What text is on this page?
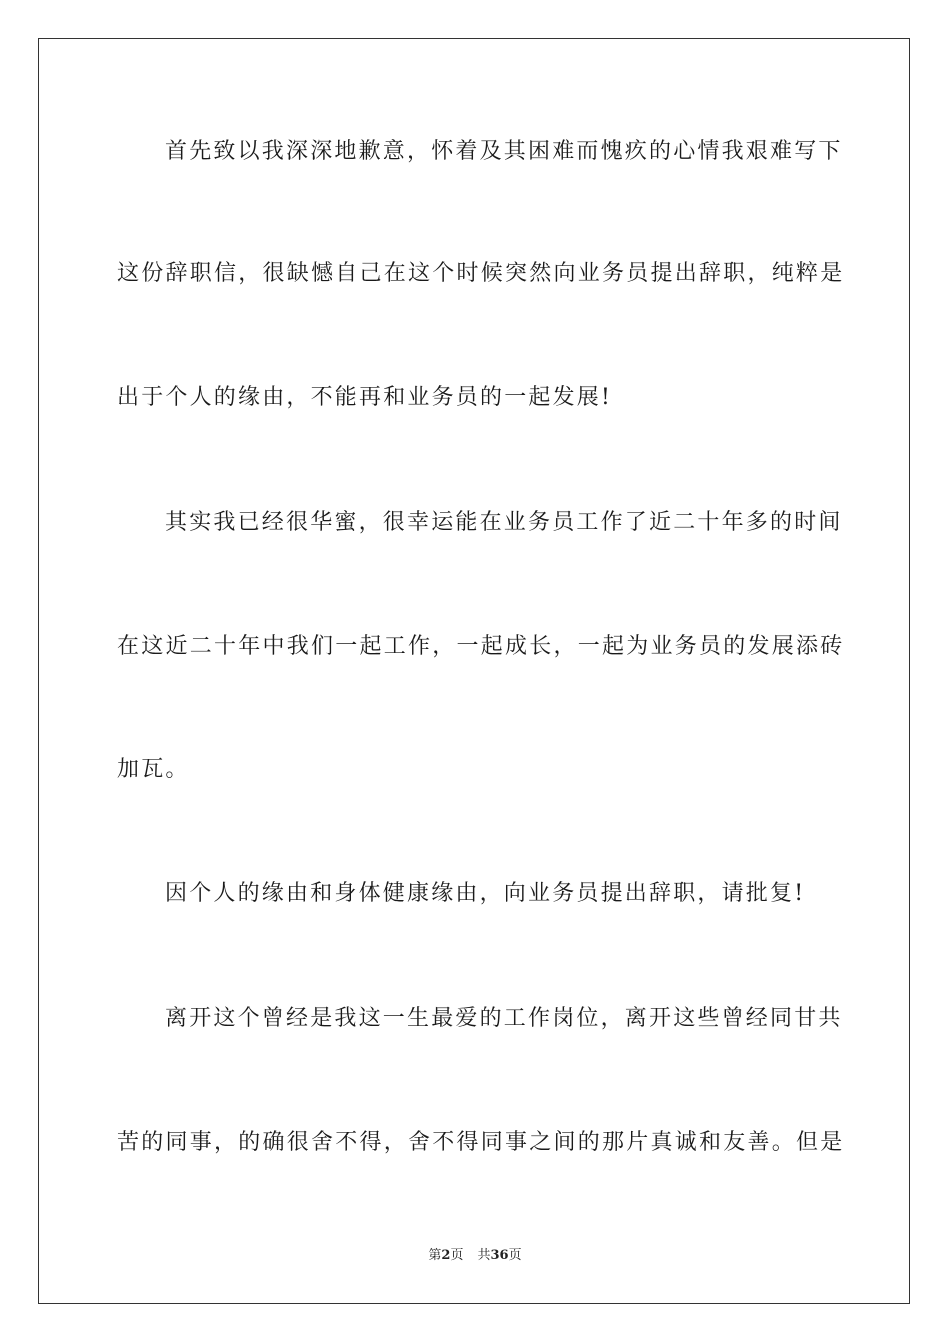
首先致以我深深地歉意，怀着及其困难而愧疚的心情我艰难写下
这份辞职信，很缺憾自己在这个时候突然向业务员提出辞职，纯粹是
出于个人的缘由，不能再和业务员的一起发展!
其实我已经很华蜜，很幸运能在业务员工作了近二十年多的时间
在这近二十年中我们一起工作，一起成长，一起为业务员的发展添砖
加瓦。
因个人的缘由和身体健康缘由，向业务员提出辞职，请批复!
离开这个曾经是我这一生最爱的工作岗位，离开这些曾经同甘共
苦的同事，的确很舍不得，舍不得同事之间的那片真诚和友善。但是
第2页 共36页
